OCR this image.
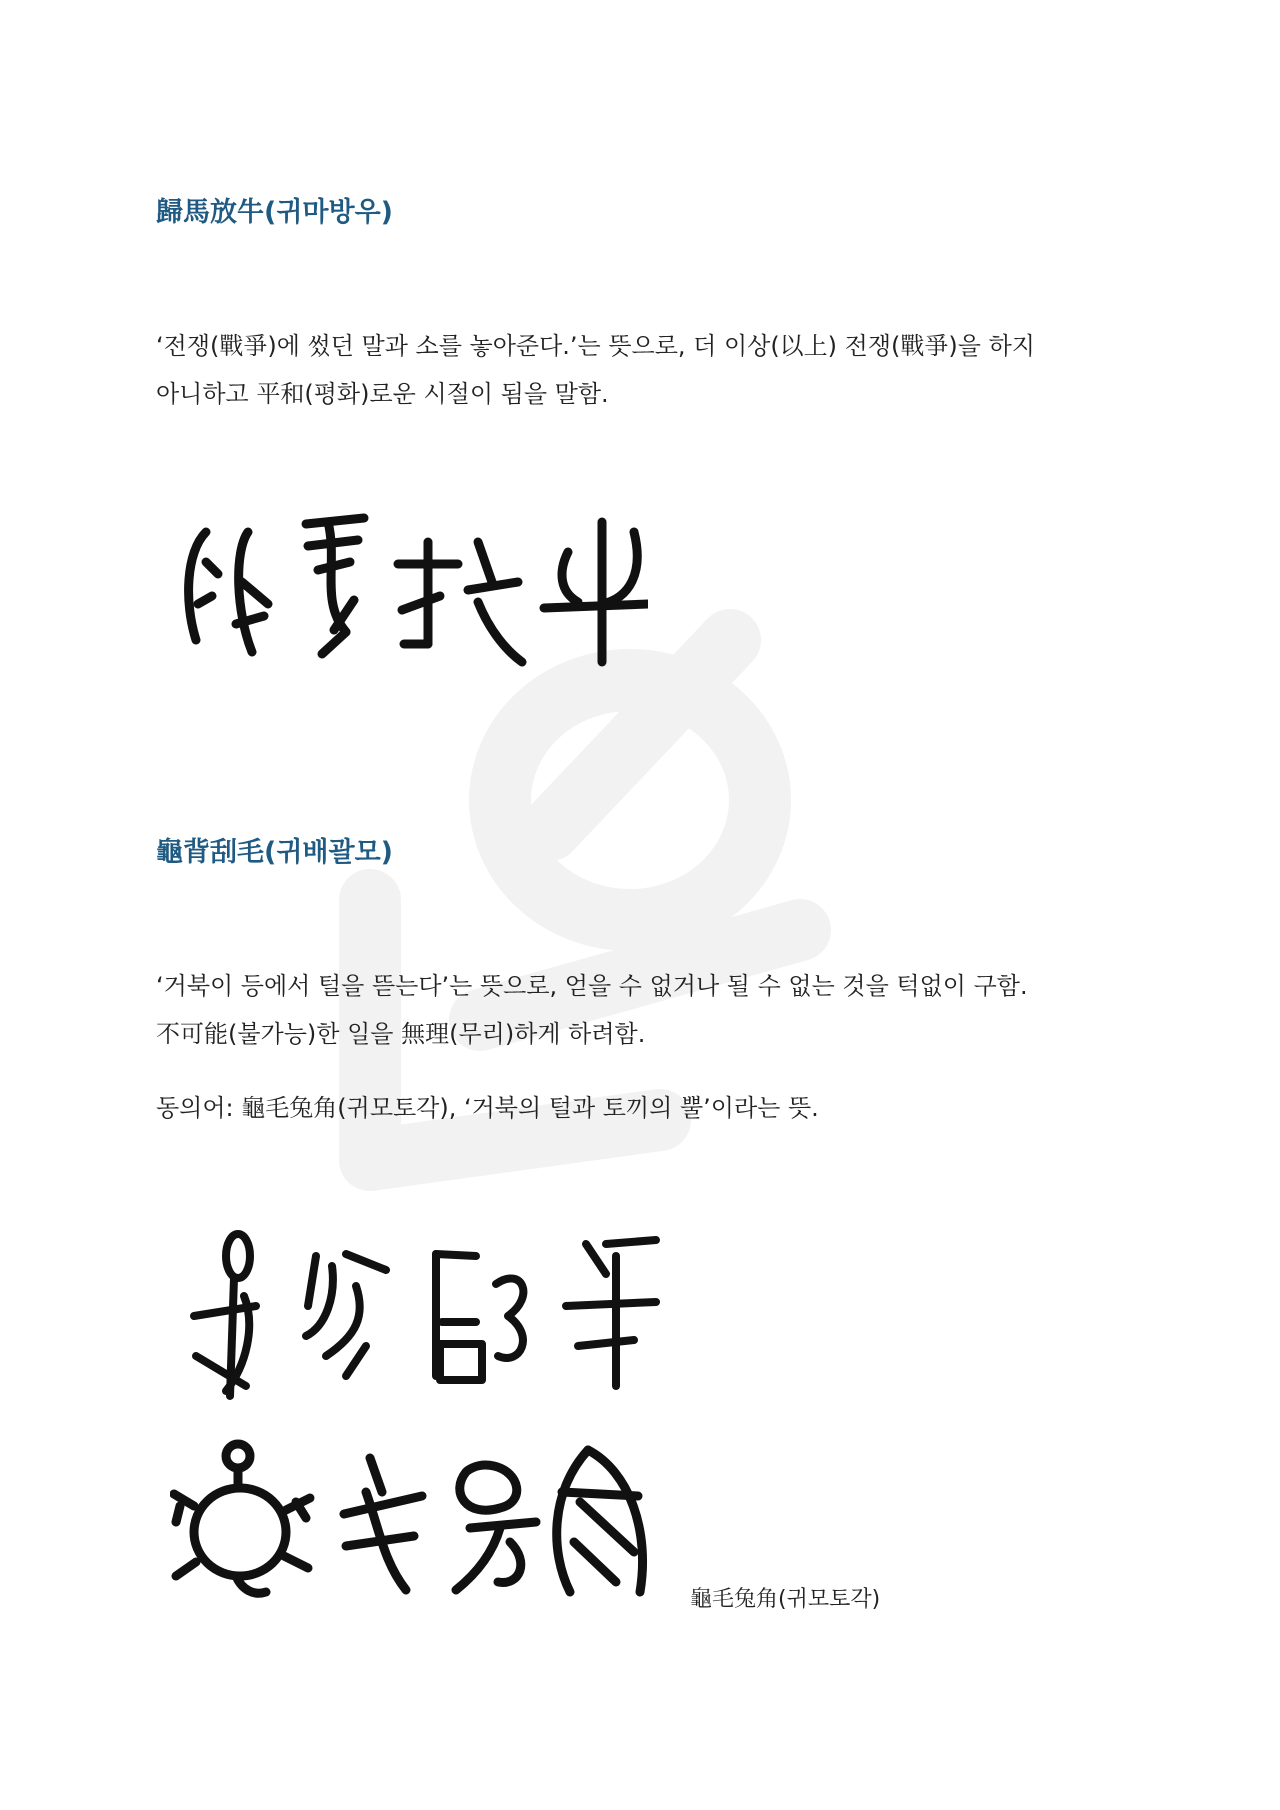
歸馬放牛(귀마방우)

‘전쟁(戰爭)에 썼던 말과 소를 놓아준다.’는 뜻으로, 더 이상(以上) 전쟁(戰爭)을 하지

아니하고 平和(평화)로운 시절이 됨을 말함.

龜背刮毛(귀배괄모)

‘거북이 등에서 털을 뜯는다’는 뜻으로, 얻을 수 없거나 될 수 없는 것을 턱없이 구함.

不可能(불가능)한 일을 無理(무리)하게 하려함.

동의어: 龜毛兔角(귀모토각), ‘거북의 털과 토끼의 뿔’이라는 뜻.

龜毛兔角(귀모토각)
